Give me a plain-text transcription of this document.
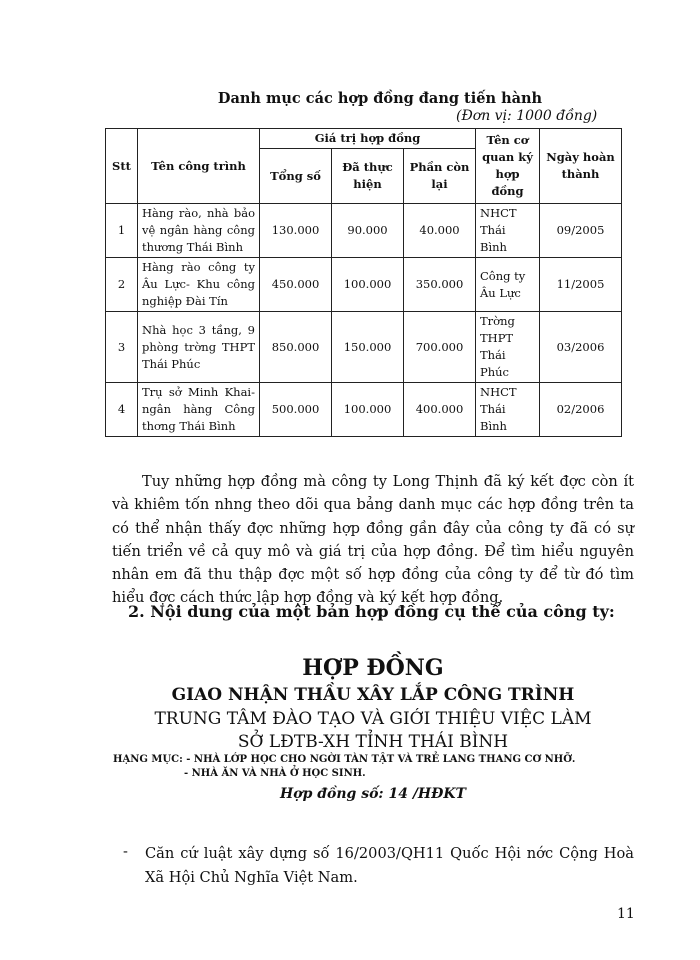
Danh mục các hợp đồng đang tiến hành
(Đơn vị: 1000 đồng)
Stt	Tên công trình	Giá trị hợp đồng			Tên cơ quan ký hợp đồng	Ngày hoàn thành
		Tổng số	Đã thực hiện	Phần còn lại		
1	Hàng rào, nhà bảo vệ ngân hàng công thương Thái Bình	130.000	90.000	40.000	NHCT Thái Bình	09/2005
2	Hàng rào công ty Âu Lực- Khu công nghiệp Đài Tín	450.000	100.000	350.000	Công ty Âu Lực	11/2005
3	Nhà học 3 tầng, 9 phòng trờng THPT Thái Phúc	850.000	150.000	700.000	Trờng THPT Thái Phúc	03/2006
4	Trụ sở Minh Khai- ngân hàng Công thơng Thái Bình	500.000	100.000	400.000	NHCT Thái Bình	02/2006

Tuy những hợp đồng mà công ty Long Thịnh đã ký kết đợc còn ít và khiêm tốn nhng theo dõi qua bảng danh mục các hợp đồng trên ta có thể nhận thấy đợc những hợp đồng gần đây của công ty đã có sự tiến triển về cả quy mô và giá trị của hợp đồng. Để tìm hiểu nguyên nhân em đã thu thập đợc một số hợp đồng của công ty để từ đó tìm hiểu đợc cách thức lập hợp đồng và ký kết hợp đồng.

2. Nội dung của một bản hợp đồng cụ thể của công ty:
HỢP ĐỒNG
GIAO NHẬN THẦU XÂY LẮP CÔNG TRÌNH
TRUNG TÂM ĐÀO TẠO VÀ GIỚI THIỆU VIỆC LÀM
SỞ LĐTB-XH TỈNH THÁI BÌNH
HẠNG MỤC: - NHÀ LỚP HỌC CHO NGỜI TÀN TẬT VÀ TRẺ LANG THANG CƠ NHỠ.
- NHÀ ĂN VÀ NHÀ Ở HỌC SINH.
Hợp đồng số: 14 /HĐKT
- Căn cứ luật xây dựng số 16/2003/QH11 Quốc Hội nớc Cộng Hoà Xã Hội Chủ Nghĩa Việt Nam.

11
